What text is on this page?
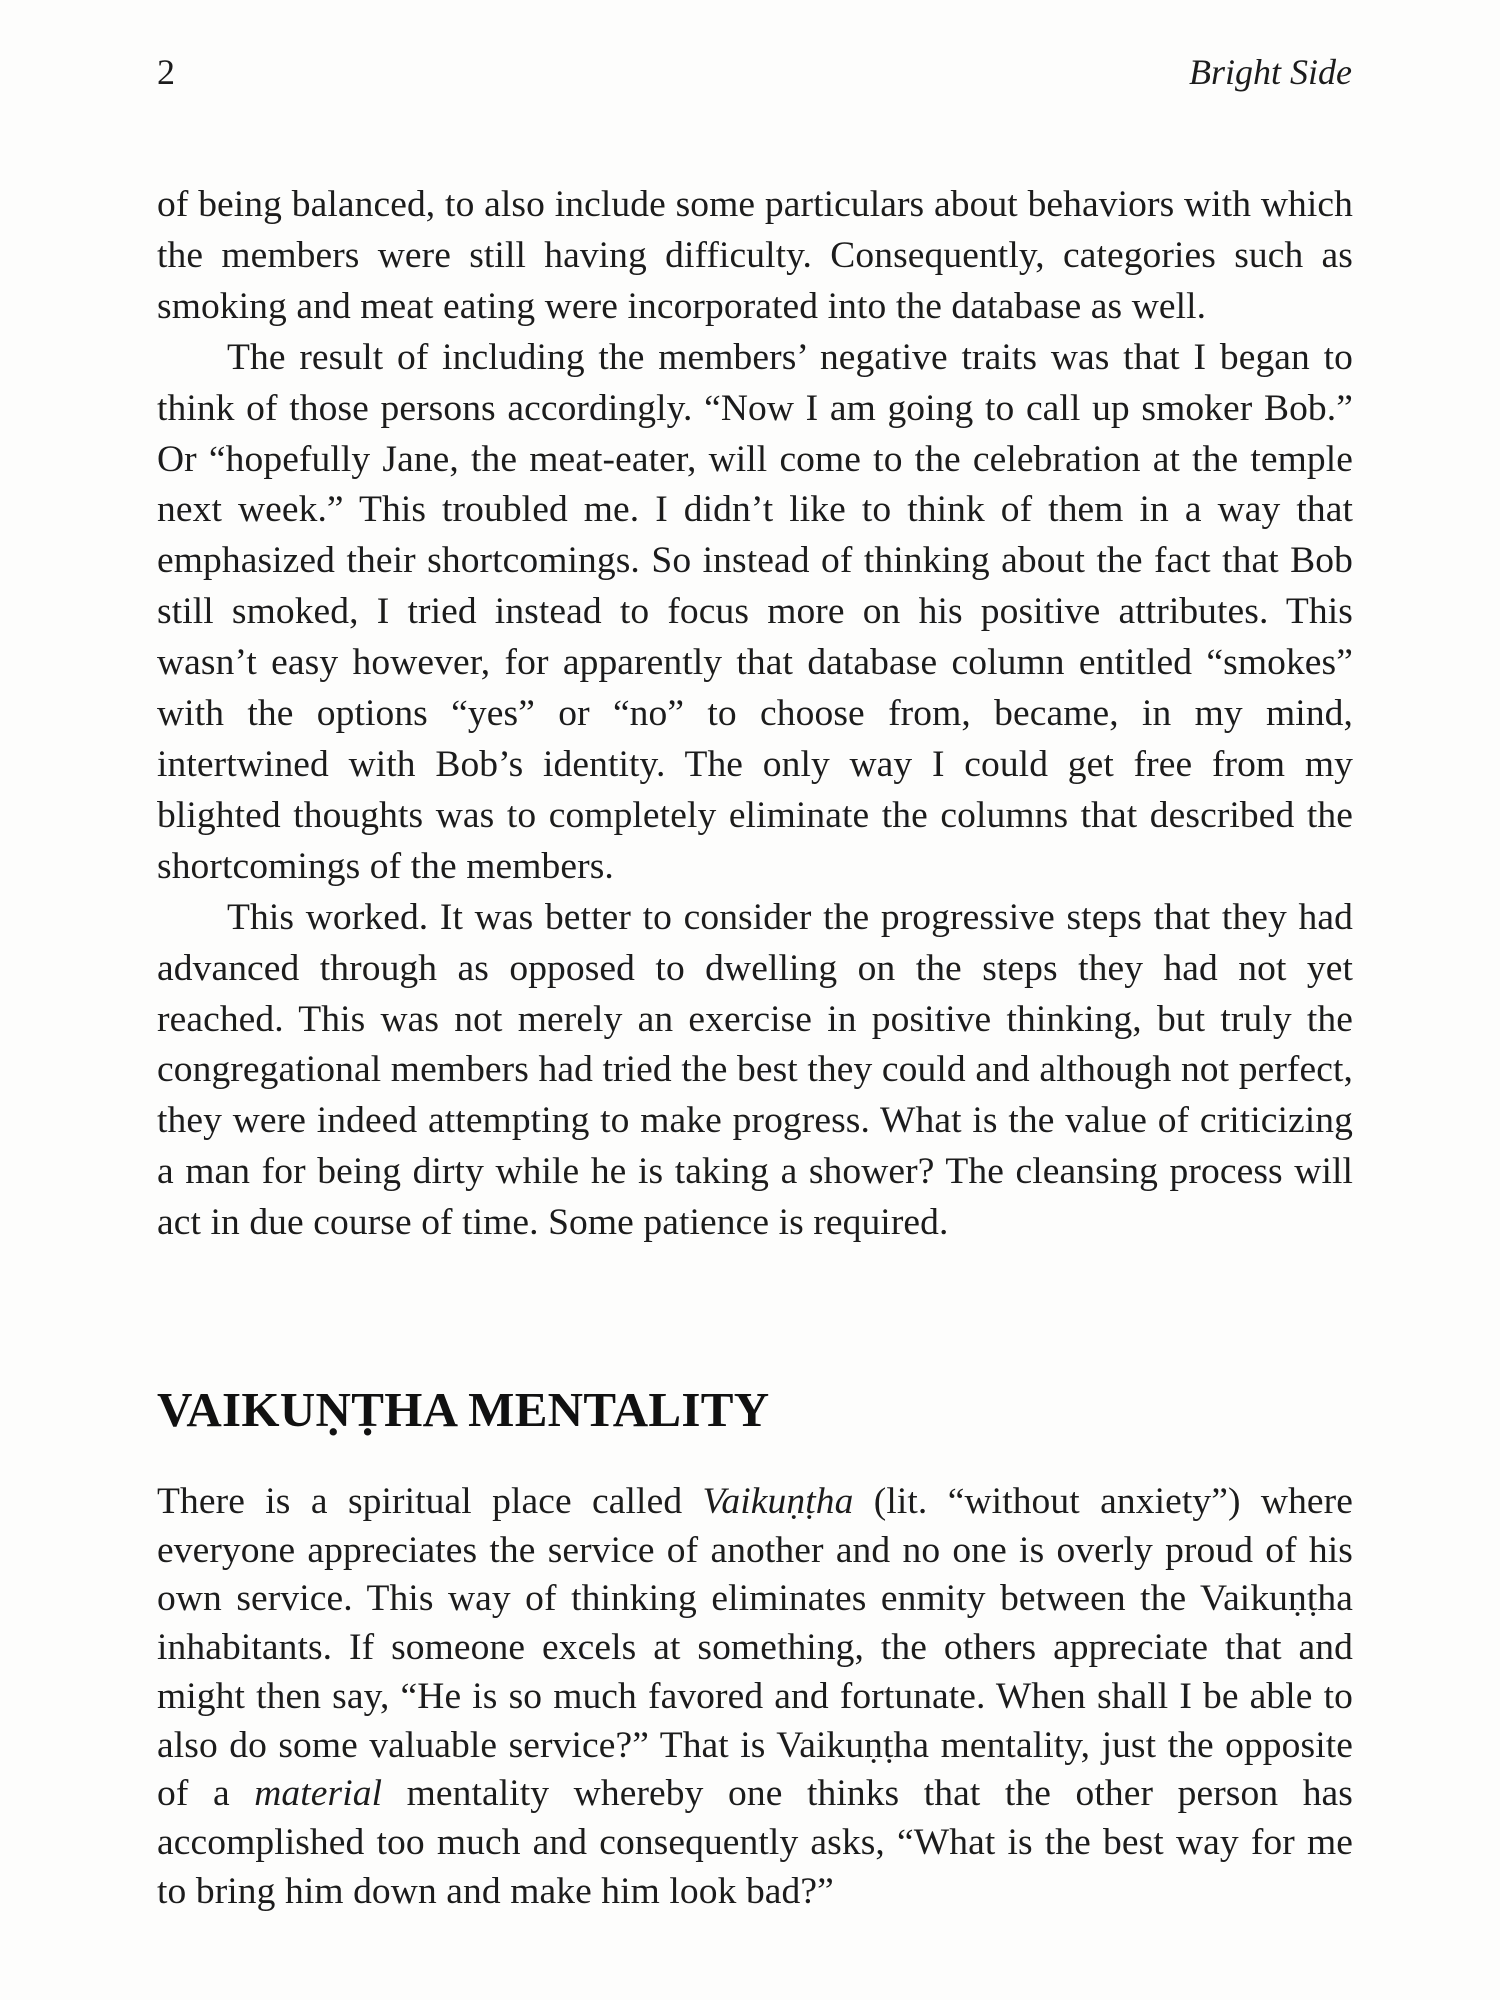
2	Bright Side

of being balanced, to also include some particulars about behaviors with which the members were still having difficulty. Consequently, categories such as smoking and meat eating were incorporated into the database as well.

The result of including the members’ negative traits was that I began to think of those persons accordingly. “Now I am going to call up smoker Bob.” Or “hopefully Jane, the meat-eater, will come to the celebration at the temple next week.” This troubled me. I didn’t like to think of them in a way that emphasized their shortcomings. So instead of thinking about the fact that Bob still smoked, I tried instead to focus more on his positive attributes. This wasn’t easy however, for apparently that database column entitled “smokes” with the options “yes” or “no” to choose from, became, in my mind, intertwined with Bob’s identity. The only way I could get free from my blighted thoughts was to completely eliminate the columns that described the shortcomings of the members.

This worked. It was better to consider the progressive steps that they had advanced through as opposed to dwelling on the steps they had not yet reached. This was not merely an exercise in positive thinking, but truly the congregational members had tried the best they could and although not perfect, they were indeed attempting to make progress. What is the value of criticizing a man for being dirty while he is taking a shower? The cleansing process will act in due course of time. Some patience is required.

VAIKUṆṬHA MENTALITY

There is a spiritual place called Vaikuṇṭha (lit. “without anxiety”) where everyone appreciates the service of another and no one is overly proud of his own service. This way of thinking eliminates enmity between the Vaikuṇṭha inhabitants. If someone excels at something, the others appreciate that and might then say, “He is so much favored and fortunate. When shall I be able to also do some valuable service?” That is Vaikuṇṭha mentality, just the opposite of a material mentality whereby one thinks that the other person has accomplished too much and consequently asks, “What is the best way for me to bring him down and make him look bad?”
